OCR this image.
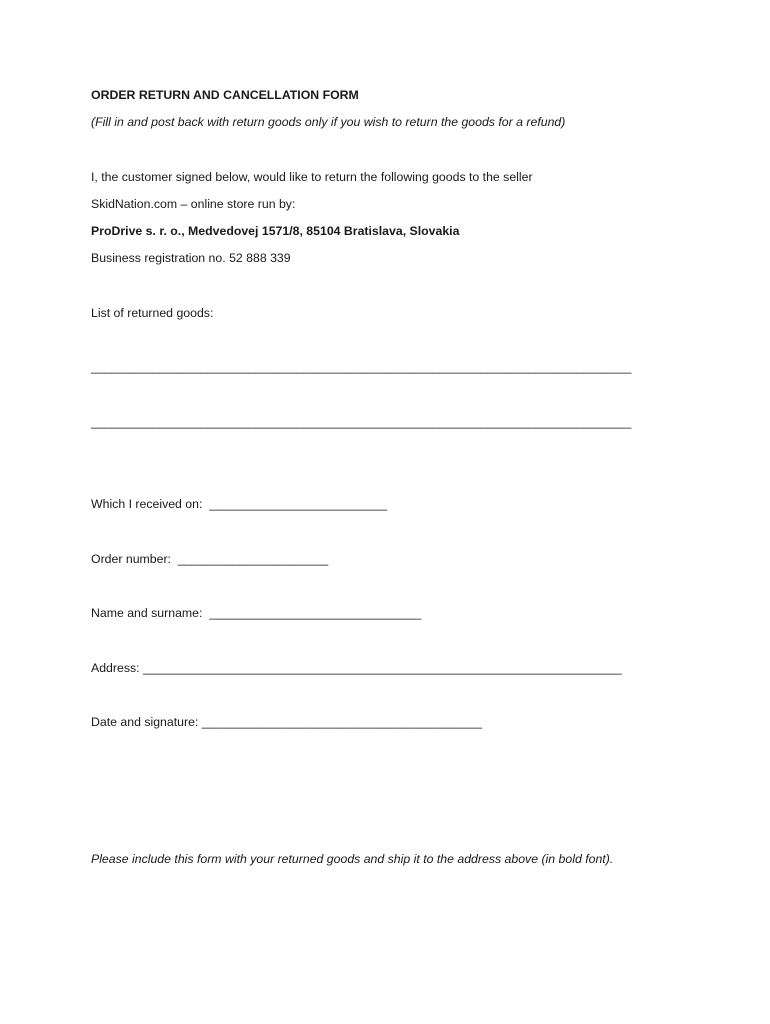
ORDER RETURN AND CANCELLATION FORM
(Fill in and post back with return goods only if you wish to return the goods for a refund)
I, the customer signed below, would like to return the following goods to the seller
SkidNation.com – online store run by:
ProDrive s. r. o., Medvedovej 1571/8, 85104 Bratislava, Slovakia
Business registration no. 52 888 339
List of returned goods:
_______________________________________________________________________________
_______________________________________________________________________________
Which I received on:  __________________________
Order number:  ______________________
Name and surname:  _______________________________
Address: ______________________________________________________________________
Date and signature: _________________________________________
Please include this form with your returned goods and ship it to the address above (in bold font).
